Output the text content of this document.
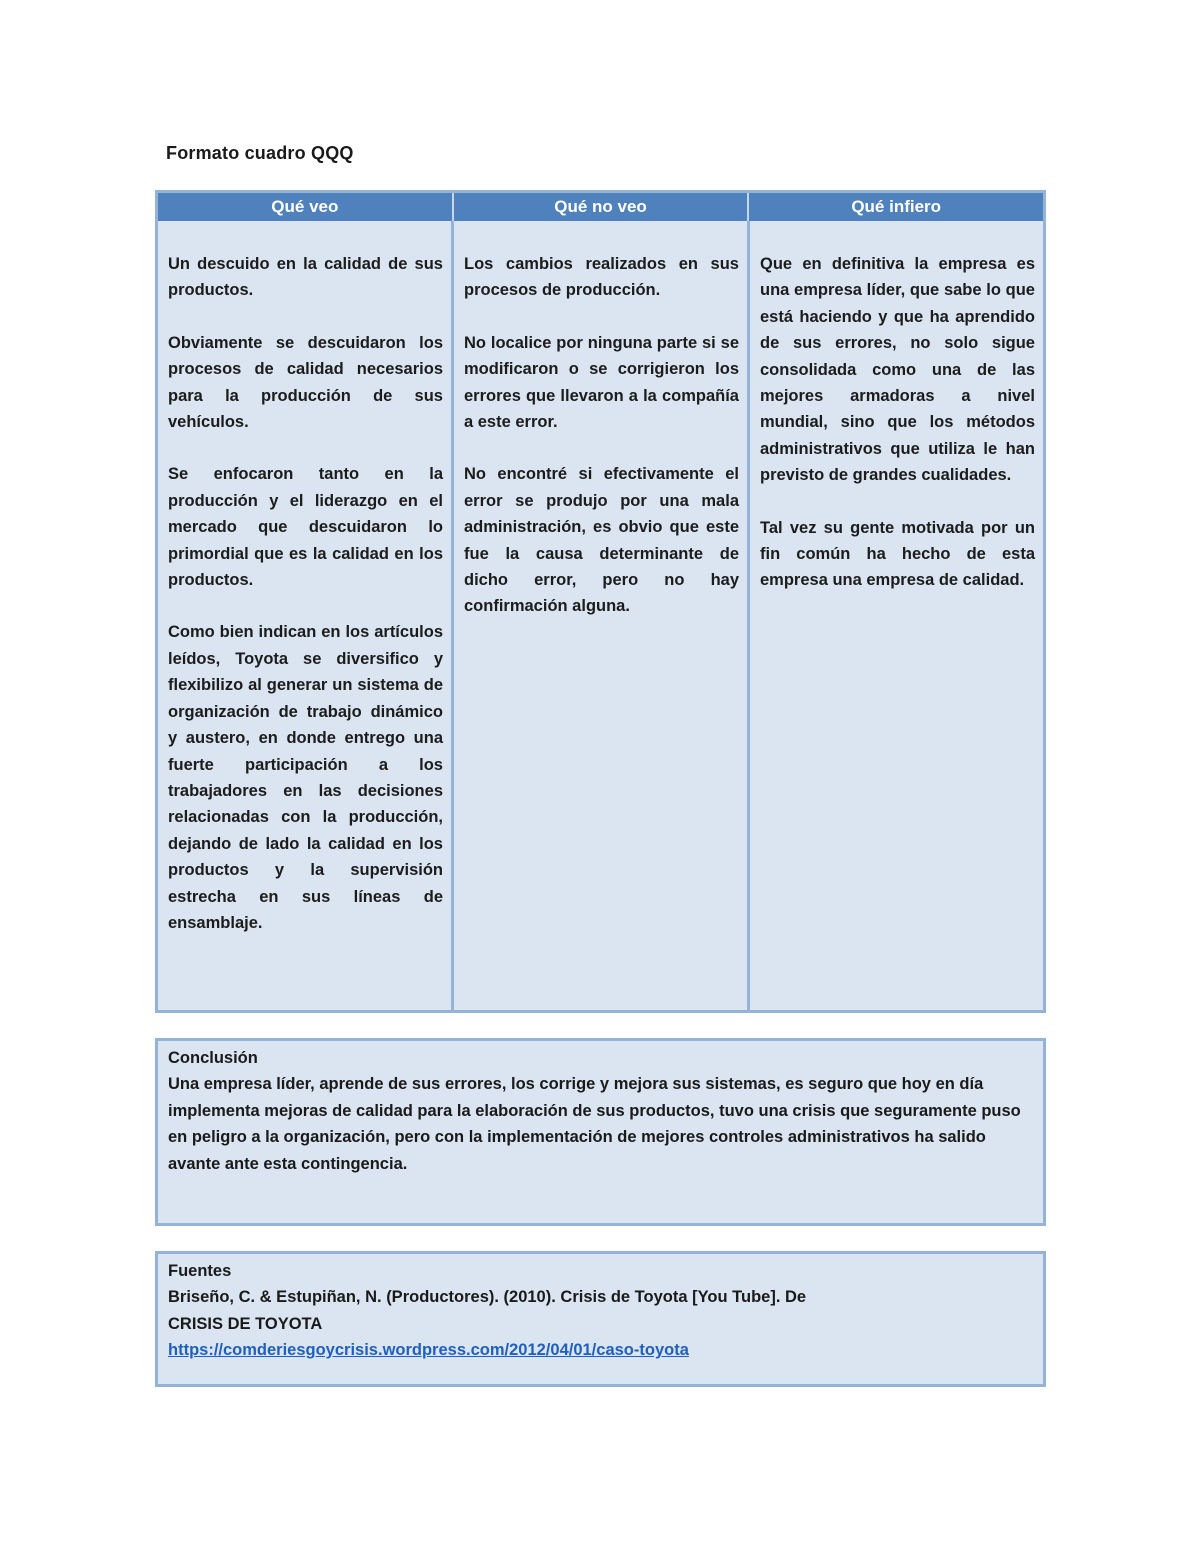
Formato cuadro QQQ
Qué veo	Qué no veo	Qué infiero

Un descuido en la calidad de sus productos.

Obviamente se descuidaron los procesos de calidad necesarios para la producción de sus vehículos.

Se enfocaron tanto en la producción y el liderazgo en el mercado que descuidaron lo primordial que es la calidad en los productos.

Como bien indican en los artículos leídos, Toyota se diversifico y flexibilizo al generar un sistema de organización de trabajo dinámico y austero, en donde entrego una fuerte participación a los trabajadores en las decisiones relacionadas con la producción, dejando de lado la calidad en los productos y la supervisión estrecha en sus líneas de ensamblaje.

Los cambios realizados en sus procesos de producción.

No localice por ninguna parte si se modificaron o se corrigieron los errores que llevaron a la compañía a este error.

No encontré si efectivamente el error se produjo por una mala administración, es obvio que este fue la causa determinante de dicho error, pero no hay confirmación alguna.

Que en definitiva la empresa es una empresa líder, que sabe lo que está haciendo y que ha aprendido de sus errores, no solo sigue consolidada como una de las mejores armadoras a nivel mundial, sino que los métodos administrativos que utiliza le han previsto de grandes cualidades.

Tal vez su gente motivada por un fin común ha hecho de esta empresa una empresa de calidad.

Conclusión

Una empresa líder, aprende de sus errores, los corrige y mejora sus sistemas, es seguro que hoy en día implementa mejoras de calidad para la elaboración de sus productos, tuvo una crisis que seguramente puso en peligro a la organización, pero con la implementación de mejores controles administrativos ha salido avante ante esta contingencia.

Fuentes
Briseño, C. & Estupiñan, N. (Productores). (2010). Crisis de Toyota [You Tube]. De
CRISIS DE TOYOTA
https://comderiesgoycrisis.wordpress.com/2012/04/01/caso-toyota
